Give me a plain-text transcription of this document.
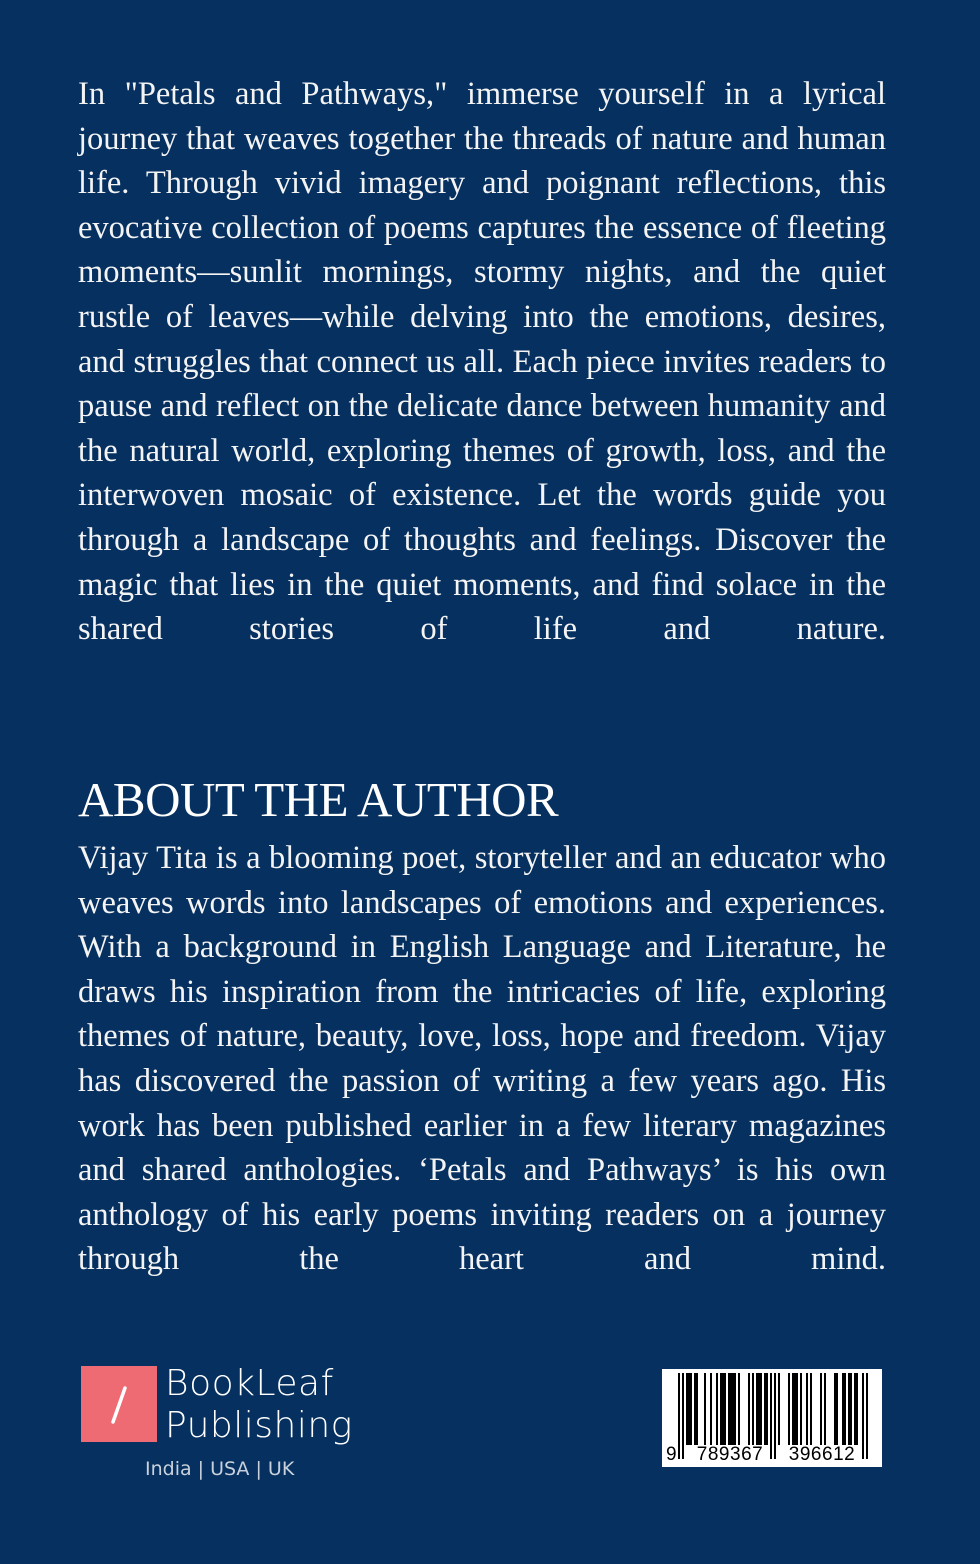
In "Petals and Pathways," immerse yourself in a lyrical journey that weaves together the threads of nature and human life. Through vivid imagery and poignant reflections, this evocative collection of poems captures the essence of fleeting moments—sunlit mornings, stormy nights, and the quiet rustle of leaves—while delving into the emotions, desires, and struggles that connect us all. Each piece invites readers to pause and reflect on the delicate dance between humanity and the natural world, exploring themes of growth, loss, and the interwoven mosaic of existence. Let the words guide you through a landscape of thoughts and feelings. Discover the magic that lies in the quiet moments, and find solace in the shared stories of life and nature.

ABOUT THE AUTHOR

Vijay Tita is a blooming poet, storyteller and an educator who weaves words into landscapes of emotions and experiences. With a background in English Language and Literature, he draws his inspiration from the intricacies of life, exploring themes of nature, beauty, love, loss, hope and freedom. Vijay has discovered the passion of writing a few years ago. His work has been published earlier in a few literary magazines and shared anthologies. ‘Petals and Pathways’ is his own anthology of his early poems inviting readers on a journey through the heart and mind.

BookLeaf
Publishing
India | USA | UK
9	789367	396612
